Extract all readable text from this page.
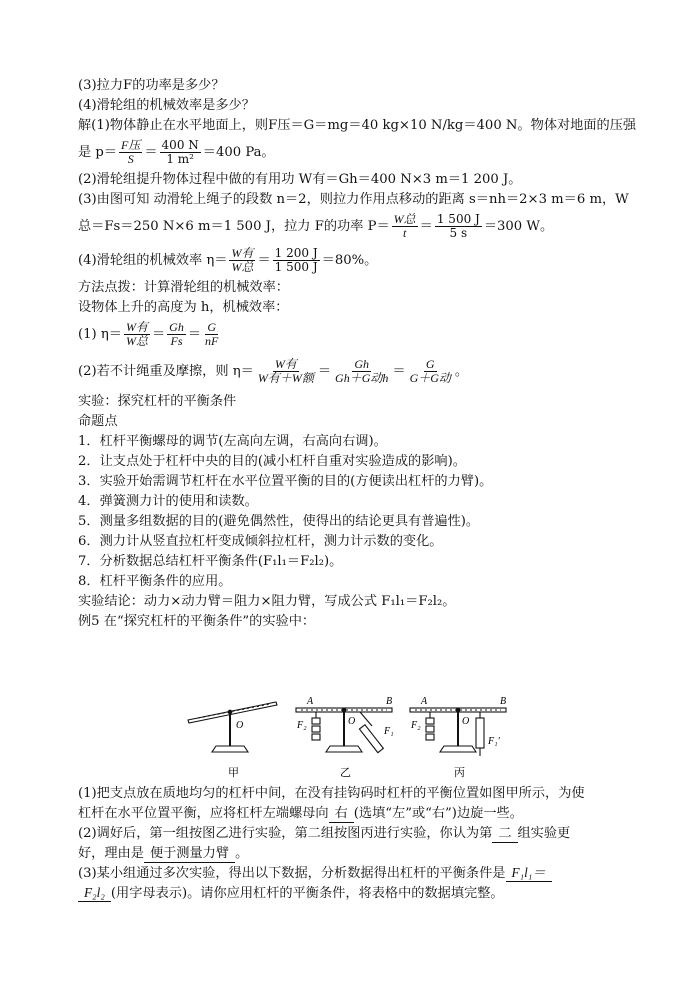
(3)拉力F的功率是多少？
(4)滑轮组的机械效率是多少？
解(1)物体静止在水平地面上，则F压＝G＝mg＝40 kg×10 N/kg＝400 N。物体对地面的压强
是 $p= \frac{\text{F压}}{S} = \frac{400 N}{\text{1 m²}} =400$ Pa。
(2)滑轮组提升物体过程中做的有用功 W有＝Gh＝400 N×3 m＝1 200 J。
(3)由图可知 动滑轮上绳子的段数 n＝2，则拉力作用点移动的距离 s＝nh＝2×3 m＝6 m，W
总＝Fs＝250 N×6 m＝1 500 J，拉力 F的功率 $P= \frac{\text{W总}}{t} = \frac{1 500 J}{5 s} =300$ W。
(4)滑轮组的机械效率 $\eta= \frac{\text{W有}}{\text{W总}} = \frac{1 200 J}{1 500 J} =80\%$。
方法点拨：计算滑轮组的机械效率：
设物体上升的高度为 h，机械效率：
(1) $\eta= \frac{\text{W有}}{\text{W总}} = \frac{Gh}{Fs} = \frac{G}{nF}$
(2)若不计绳重及摩擦，则 $\eta= \frac{\text{W有}}{\text{W有＋W额}} = \frac{Gh}{\text{Gh＋G动h}} = \frac{G}{\text{G＋G动}}$ 。
实验：探究杠杆的平衡条件
命题点
1．杠杆平衡螺母的调节(左高向左调，右高向右调)。
2．让支点处于杠杆中央的目的(减小杠杆自重对实验造成的影响)。
3．实验开始需调节杠杆在水平位置平衡的目的(方便读出杠杆的力臂)。
4．弹簧测力计的使用和读数。
5．测量多组数据的目的(避免偶然性，使得出的结论更具有普遍性)。
6．测力计从竖直拉杠杆变成倾斜拉杠杆，测力计示数的变化。
7．分析数据总结杠杆平衡条件(F₁l₁＝F₂l₂)。
8．杠杆平衡条件的应用。
实验结论：动力×动力臂＝阻力×阻力臂，写成公式 F₁l₁＝F₂l₂。
例5 在“探究杠杆的平衡条件”的实验中：
O
A	B
O
F₂
F₁
A	B
O
F₂
F₁′
甲	乙	丙
(1)把支点放在质地均匀的杠杆中间，在没有挂钩码时杠杆的平衡位置如图甲所示，为使
杠杆在水平位置平衡，应将杠杆左端螺母向 右 (选填“左”或“右”)边旋一些。
(2)调好后，第一组按图乙进行实验，第二组按图丙进行实验，你认为第 二 组实验更
好，理由是 便于测量力臂 。
(3)某小组通过多次实验，得出以下数据，分析数据得出杠杆的平衡条件是 F₁l₁＝
F₂l₂ (用字母表示)。请你应用杠杆的平衡条件，将表格中的数据填完整。
